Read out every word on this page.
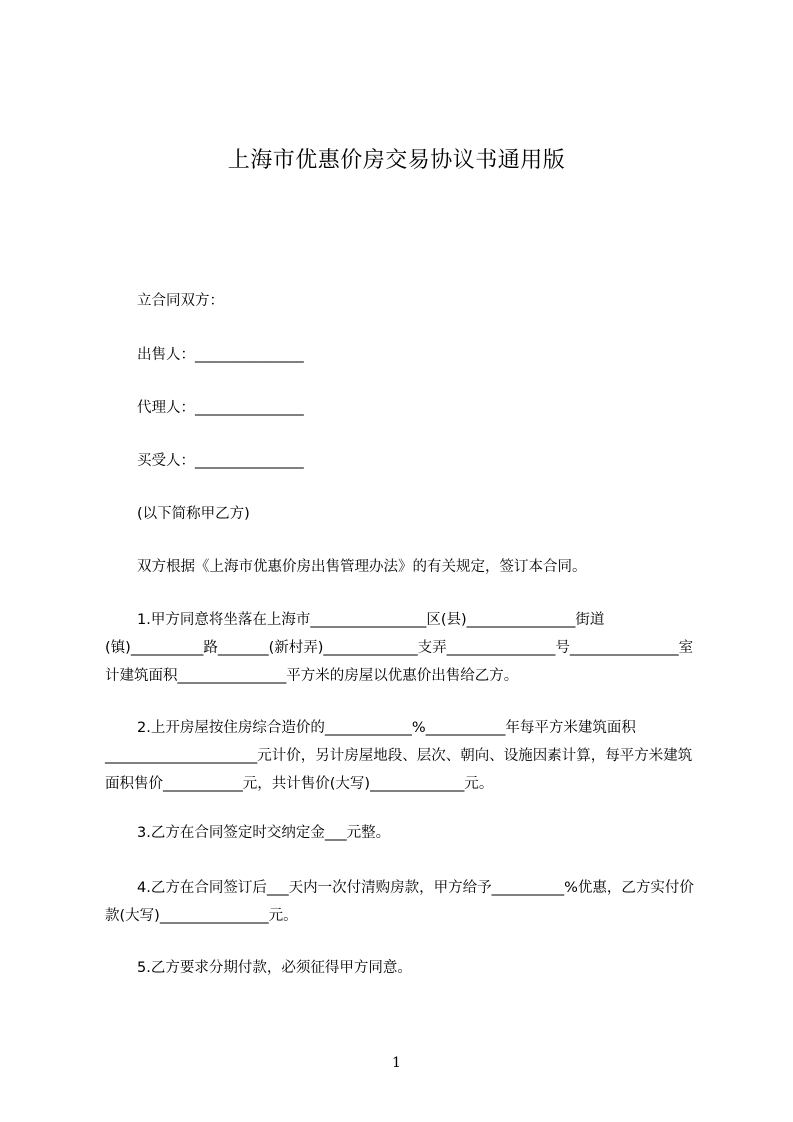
上海市优惠价房交易协议书通用版

立合同双方：

出售人：_______________

代理人：_______________

买受人：_______________

(以下简称甲乙方)

双方根据《上海市优惠价房出售管理办法》的有关规定，签订本合同。

1.甲方同意将坐落在上海市________________区(县)_______________街道(镇)__________路_______(新村弄)_____________支弄_______________号_______________室计建筑面积_______________平方米的房屋以优惠价出售给乙方。

2.上开房屋按住房综合造价的____________%___________年每平方米建筑面积_____________________元计价，另计房屋地段、层次、朝向、设施因素计算，每平方米建筑面积售价___________元，共计售价(大写)_____________元。

3.乙方在合同签定时交纳定金___元整。

4.乙方在合同签订后___天内一次付清购房款，甲方给予__________%优惠，乙方实付价款(大写)_______________元。

5.乙方要求分期付款，必须征得甲方同意。

1
